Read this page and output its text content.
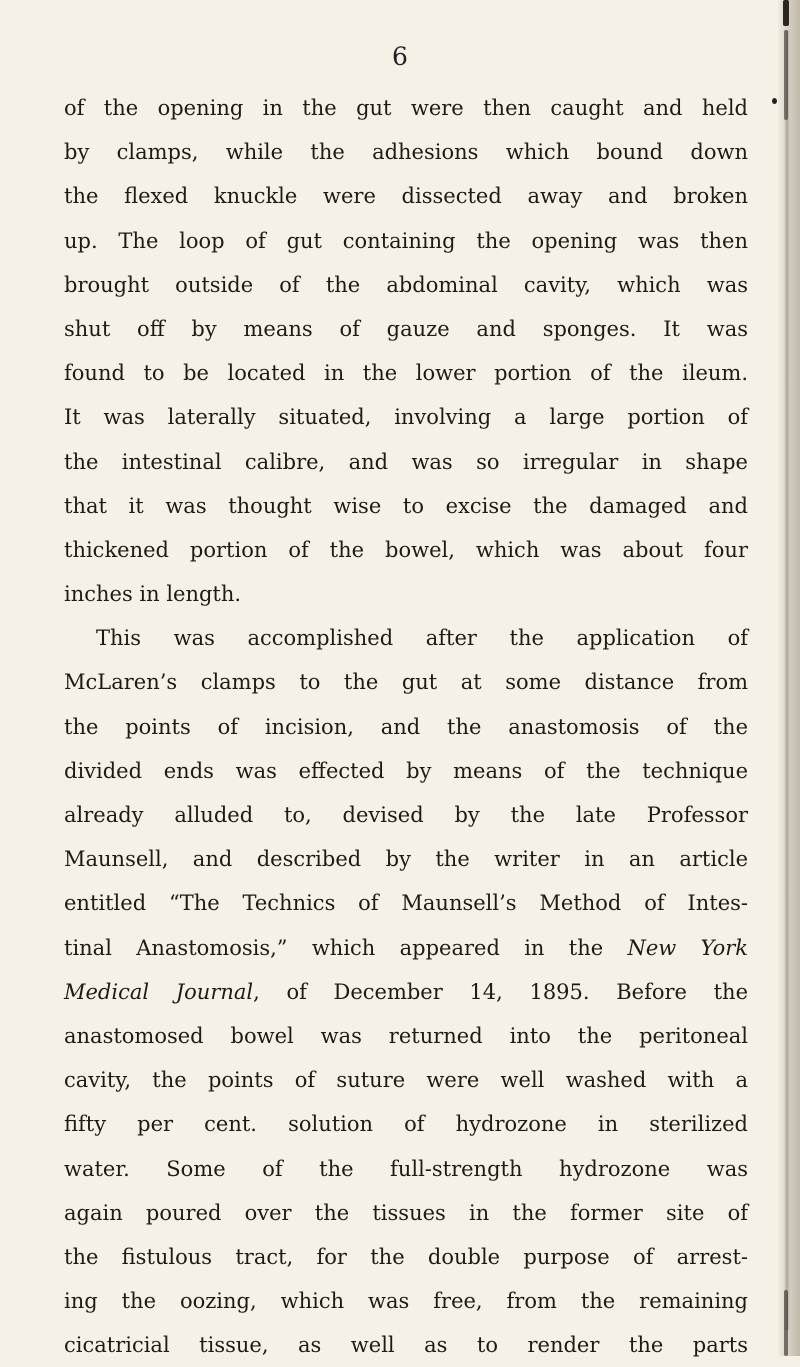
6
of the opening in the gut were then caught and held
by clamps, while the adhesions which bound down
the flexed knuckle were dissected away and broken
up. The loop of gut containing the opening was then
brought outside of the abdominal cavity, which was
shut off by means of gauze and sponges. It was
found to be located in the lower portion of the ileum.
It was laterally situated, involving a large portion of
the intestinal calibre, and was so irregular in shape
that it was thought wise to excise the damaged and
thickened portion of the bowel, which was about four
inches in length.
This was accomplished after the application of
McLaren’s clamps to the gut at some distance from
the points of incision, and the anastomosis of the
divided ends was effected by means of the technique
already alluded to, devised by the late Professor
Maunsell, and described by the writer in an article
entitled “The Technics of Maunsell’s Method of Intes-
tinal Anastomosis,” which appeared in the New York
Medical Journal, of December 14, 1895. Before the
anastomosed bowel was returned into the peritoneal
cavity, the points of suture were well washed with a
fifty per cent. solution of hydrozone in sterilized
water. Some of the full-strength hydrozone was
again poured over the tissues in the former site of
the fistulous tract, for the double purpose of arrest-
ing the oozing, which was free, from the remaining
cicatricial tissue, as well as to render the parts
